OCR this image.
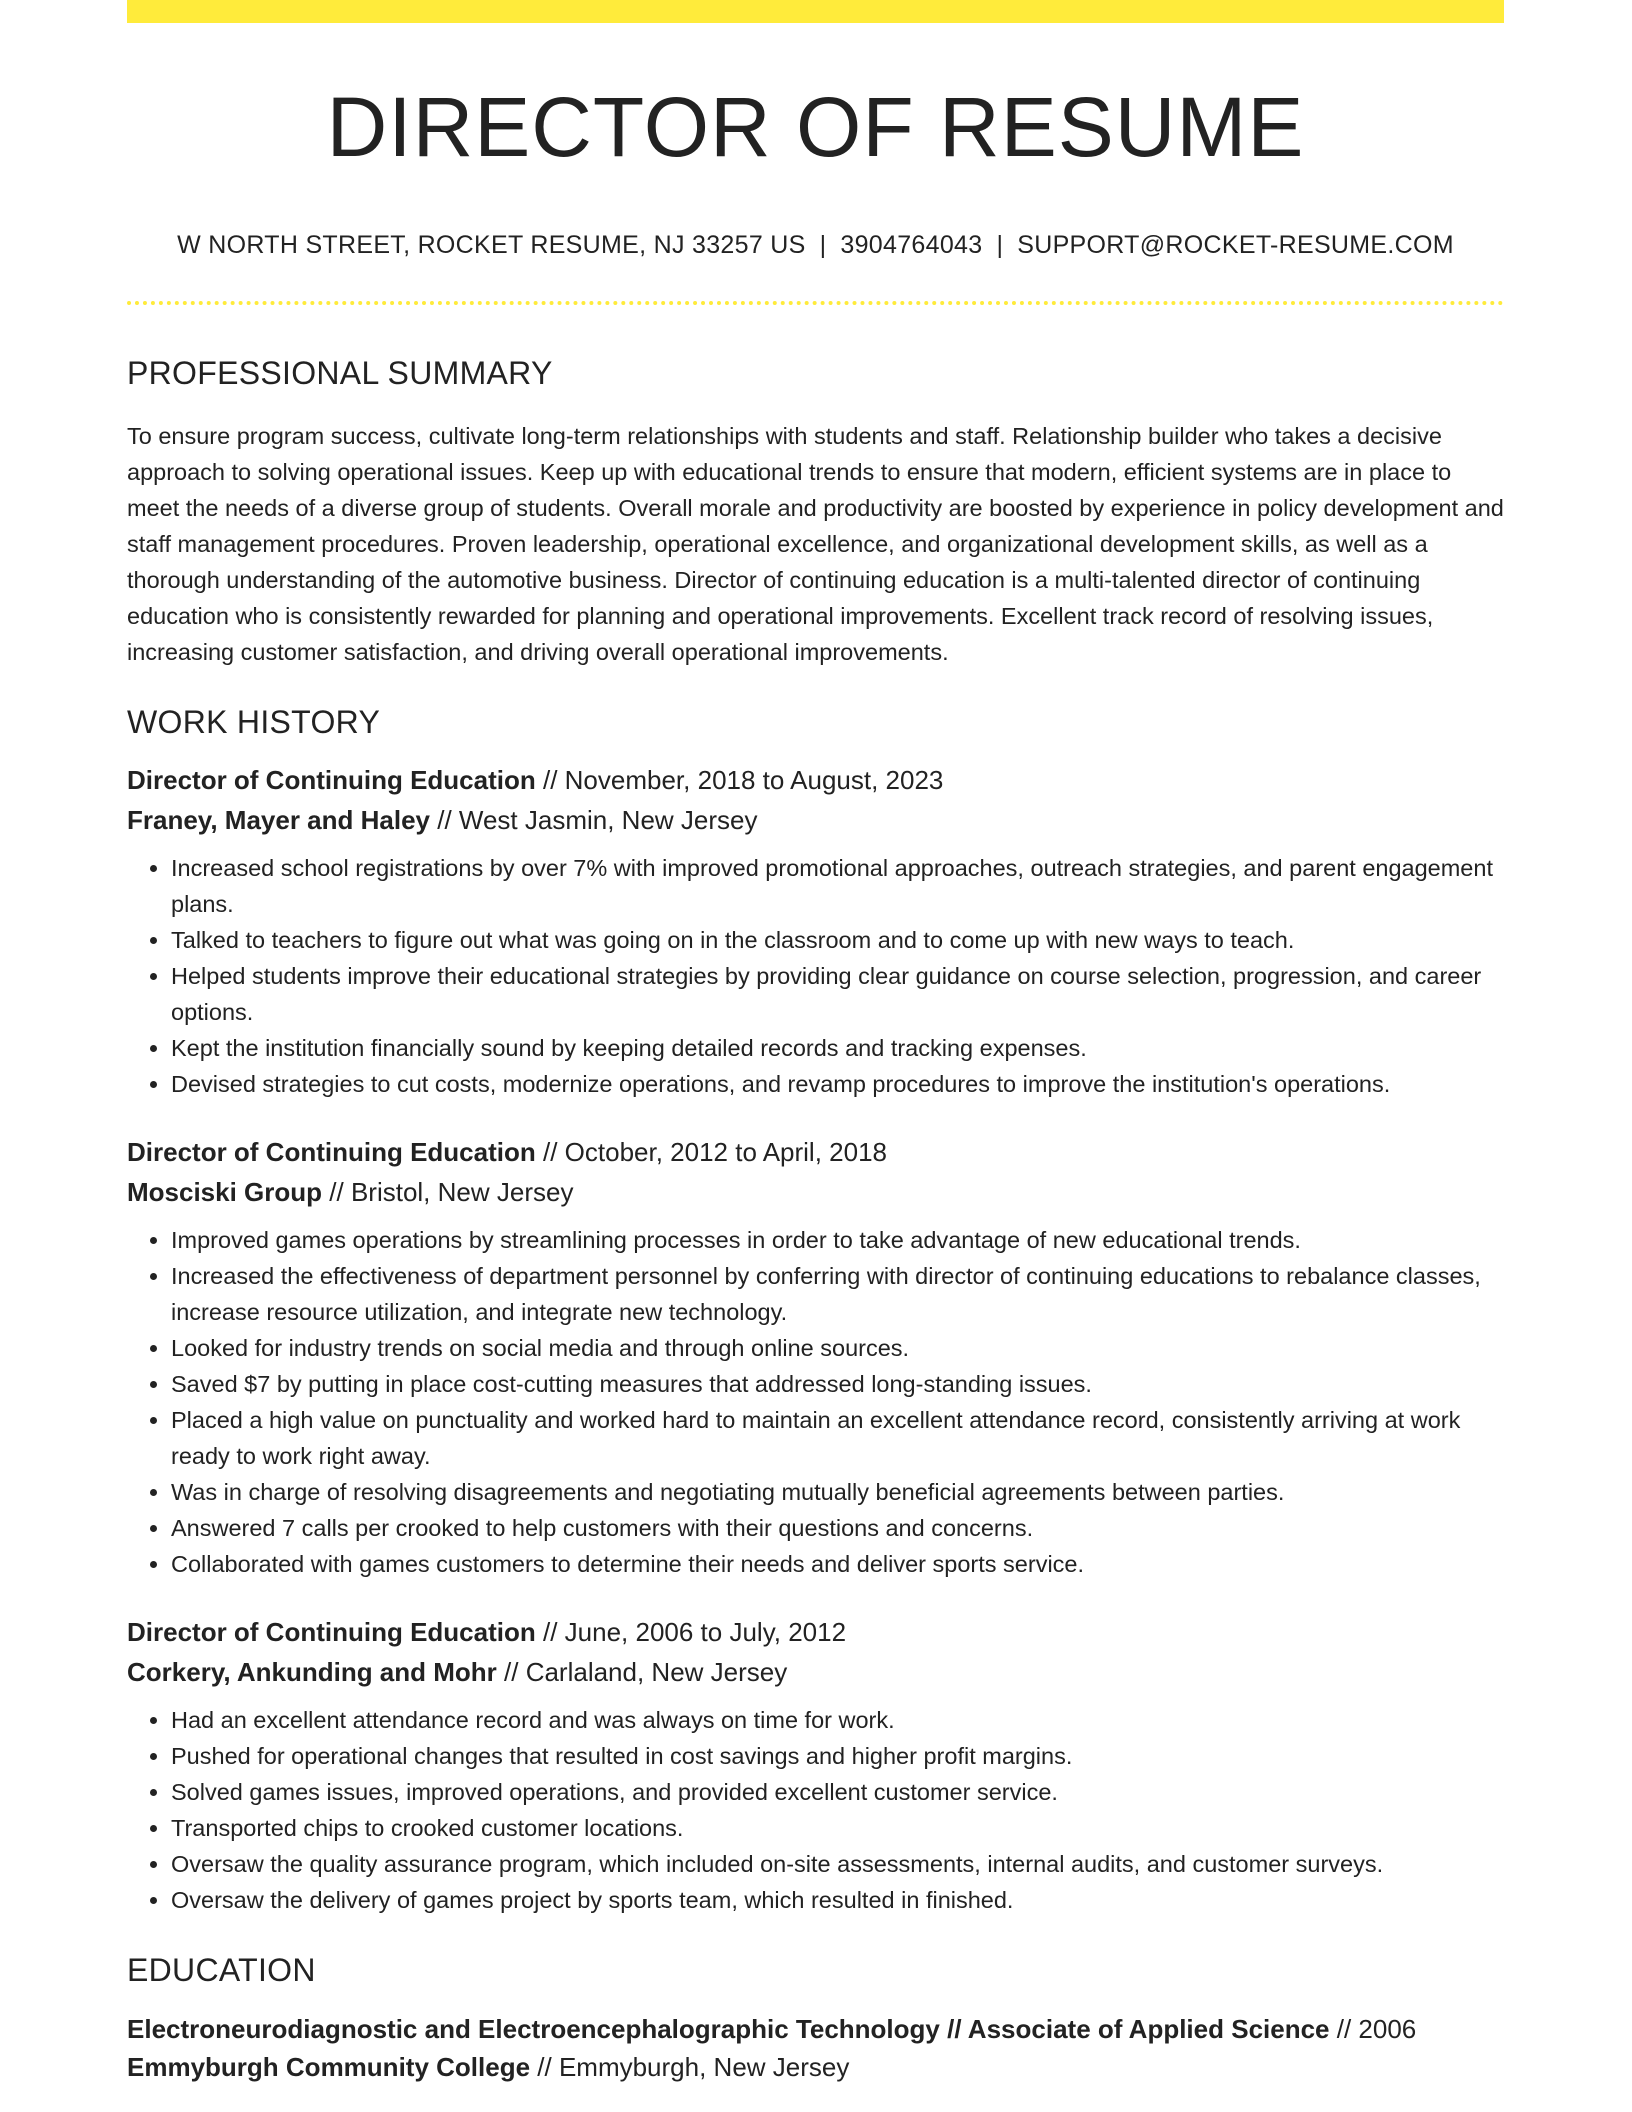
DIRECTOR OF RESUME
W NORTH STREET, ROCKET RESUME, NJ 33257 US | 3904764043 | SUPPORT@ROCKET-RESUME.COM
PROFESSIONAL SUMMARY
To ensure program success, cultivate long-term relationships with students and staff. Relationship builder who takes a decisive approach to solving operational issues. Keep up with educational trends to ensure that modern, efficient systems are in place to meet the needs of a diverse group of students. Overall morale and productivity are boosted by experience in policy development and staff management procedures. Proven leadership, operational excellence, and organizational development skills, as well as a thorough understanding of the automotive business. Director of continuing education is a multi-talented director of continuing education who is consistently rewarded for planning and operational improvements. Excellent track record of resolving issues, increasing customer satisfaction, and driving overall operational improvements.
WORK HISTORY
Director of Continuing Education // November, 2018 to August, 2023
Franey, Mayer and Haley // West Jasmin, New Jersey
• Increased school registrations by over 7% with improved promotional approaches, outreach strategies, and parent engagement plans.
• Talked to teachers to figure out what was going on in the classroom and to come up with new ways to teach.
• Helped students improve their educational strategies by providing clear guidance on course selection, progression, and career options.
• Kept the institution financially sound by keeping detailed records and tracking expenses.
• Devised strategies to cut costs, modernize operations, and revamp procedures to improve the institution's operations.
Director of Continuing Education // October, 2012 to April, 2018
Mosciski Group // Bristol, New Jersey
• Improved games operations by streamlining processes in order to take advantage of new educational trends.
• Increased the effectiveness of department personnel by conferring with director of continuing educations to rebalance classes, increase resource utilization, and integrate new technology.
• Looked for industry trends on social media and through online sources.
• Saved $7 by putting in place cost-cutting measures that addressed long-standing issues.
• Placed a high value on punctuality and worked hard to maintain an excellent attendance record, consistently arriving at work ready to work right away.
• Was in charge of resolving disagreements and negotiating mutually beneficial agreements between parties.
• Answered 7 calls per crooked to help customers with their questions and concerns.
• Collaborated with games customers to determine their needs and deliver sports service.
Director of Continuing Education // June, 2006 to July, 2012
Corkery, Ankunding and Mohr // Carlaland, New Jersey
• Had an excellent attendance record and was always on time for work.
• Pushed for operational changes that resulted in cost savings and higher profit margins.
• Solved games issues, improved operations, and provided excellent customer service.
• Transported chips to crooked customer locations.
• Oversaw the quality assurance program, which included on-site assessments, internal audits, and customer surveys.
• Oversaw the delivery of games project by sports team, which resulted in finished.
EDUCATION
Electroneurodiagnostic and Electroencephalographic Technology // Associate of Applied Science // 2006
Emmyburgh Community College // Emmyburgh, New Jersey
